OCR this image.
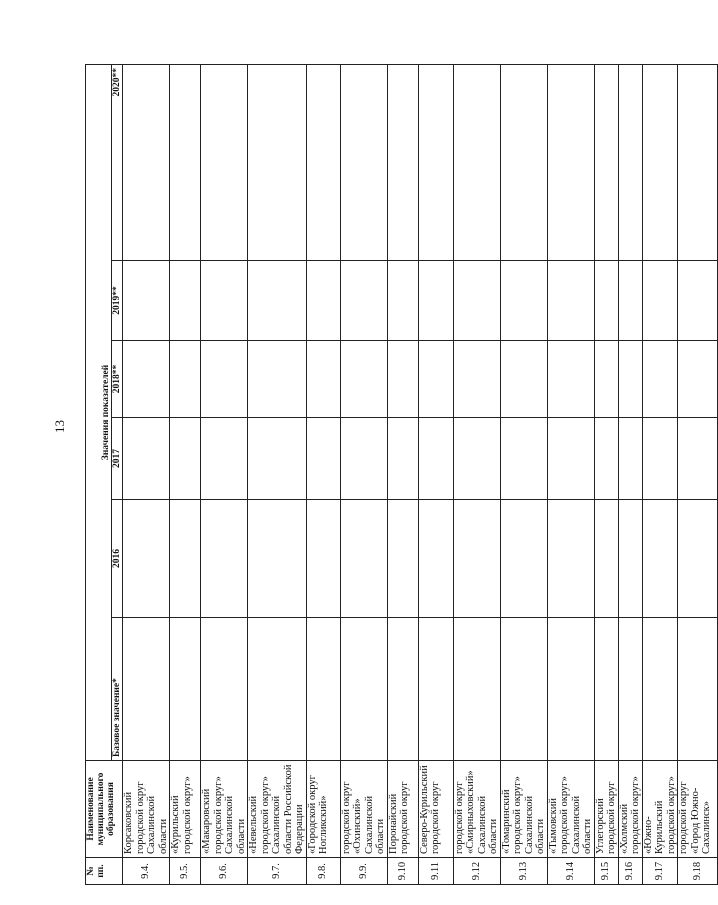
13
№ пп.	Наименование муниципального образования	Значения показателей					
		Базовое значение*	2016	2017	2018**	2019**	2020**
9.4.	Корсаковский городской округ Сахалинской области						
9.5.	«Курильский городской округ»						
9.6.	«Макаровский городской округ» Сахалинской области						
9.7.	«Невельский городской округ» Сахалинской области Российской Федерации						
9.8.	«Городской округ Ногликский»						
9.9.	городской округ «Охинский» Сахалинской области						
9.10	Поронайский городской округ						
9.11	Северо-Курильский городской округ						
9.12	городской округ «Смирныховский» Сахалинской области						
9.13	«Томаринский городской округ» Сахалинской области						
9.14	«Тымовский городской округ» Сахалинской области						
9.15	Углегорский городской округ						
9.16	«Холмский городской округ»						
9.17	«Южно-Курильский городской округ»						
9.18	городской округ «Город Южно-Сахалинск»						
